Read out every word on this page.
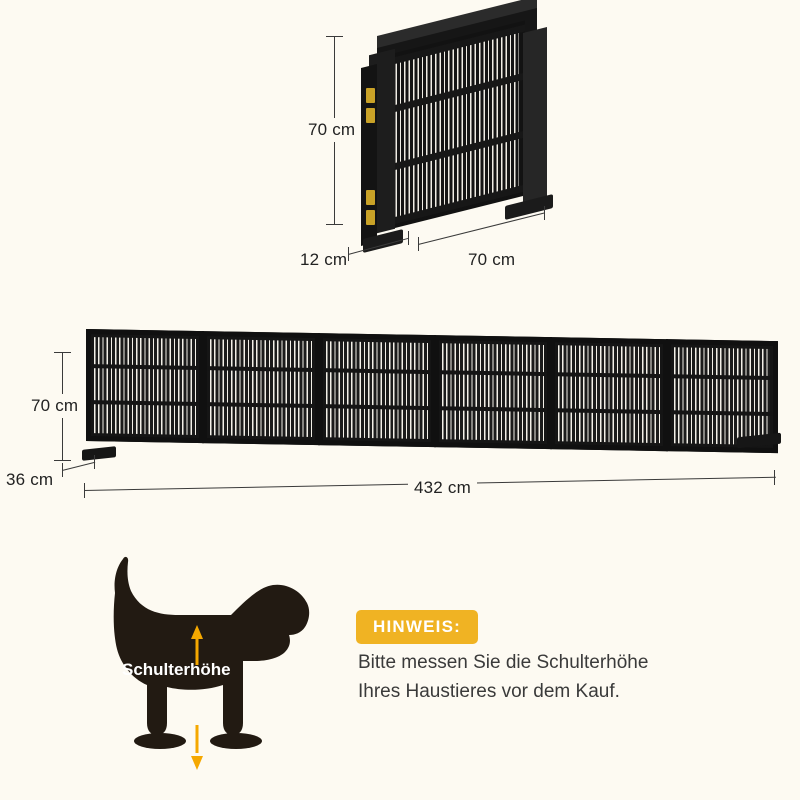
70 cm
12 cm	70 cm
70 cm
36 cm	432 cm
Schulterhöhe
HINWEIS:
Bitte messen Sie die Schulterhöhe
Ihres Haustieres vor dem Kauf.
